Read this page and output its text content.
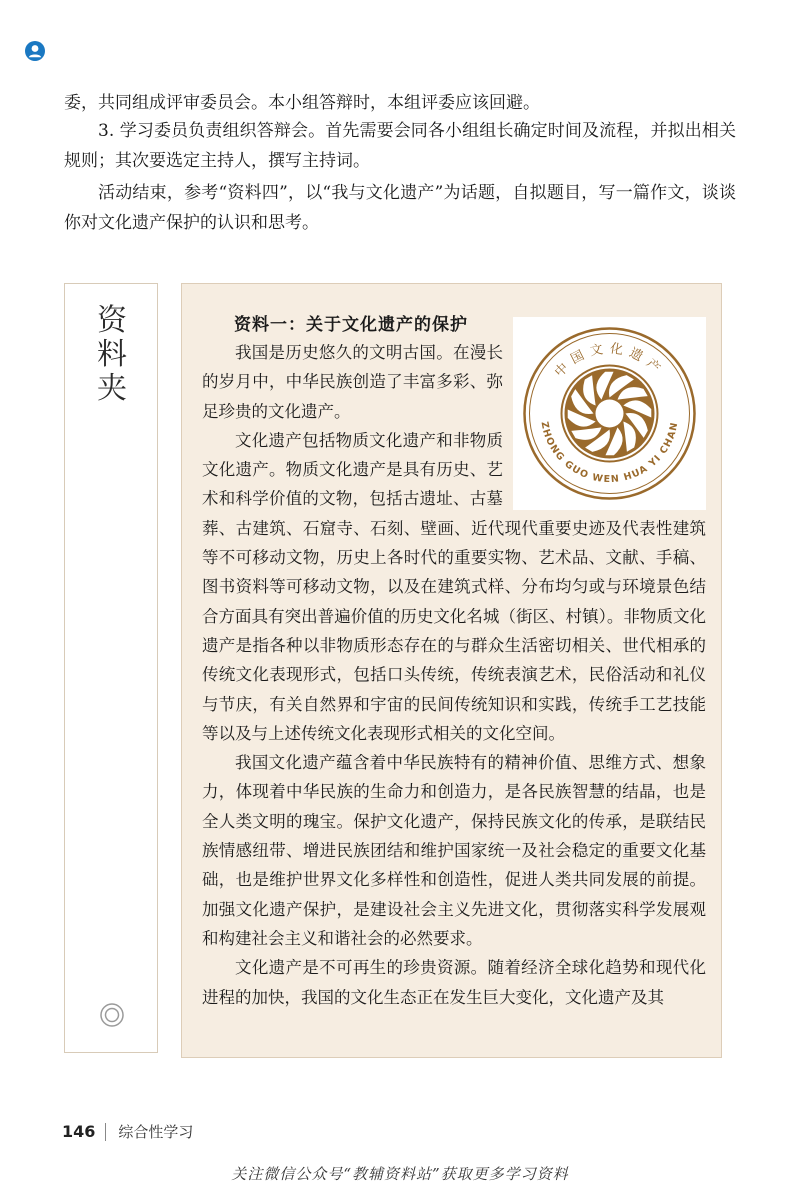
委，共同组成评审委员会。本小组答辩时，本组评委应该回避。

3. 学习委员负责组织答辩会。首先需要会同各小组组长确定时间及流程，并拟出相关规则；其次要选定主持人，撰写主持词。

活动结束，参考“资料四”，以“我与文化遗产”为话题，自拟题目，写一篇作文，谈谈你对文化遗产保护的认识和思考。

资料夹
资料一：关于文化遗产的保护
中国文化遗产
ZHONG GUO WEN HUA YI CHAN

我国是历史悠久的文明古国。在漫长的岁月中，中华民族创造了丰富多彩、弥足珍贵的文化遗产。

文化遗产包括物质文化遗产和非物质文化遗产。物质文化遗产是具有历史、艺术和科学价值的文物，包括古遗址、古墓葬、古建筑、石窟寺、石刻、壁画、近代现代重要史迹及代表性建筑等不可移动文物，历史上各时代的重要实物、艺术品、文献、手稿、图书资料等可移动文物，以及在建筑式样、分布均匀或与环境景色结合方面具有突出普遍价值的历史文化名城（街区、村镇）。非物质文化遗产是指各种以非物质形态存在的与群众生活密切相关、世代相承的传统文化表现形式，包括口头传统，传统表演艺术，民俗活动和礼仪与节庆，有关自然界和宇宙的民间传统知识和实践，传统手工艺技能等以及与上述传统文化表现形式相关的文化空间。

我国文化遗产蕴含着中华民族特有的精神价值、思维方式、想象力，体现着中华民族的生命力和创造力，是各民族智慧的结晶，也是全人类文明的瑰宝。保护文化遗产，保持民族文化的传承，是联结民族情感纽带、增进民族团结和维护国家统一及社会稳定的重要文化基础，也是维护世界文化多样性和创造性，促进人类共同发展的前提。加强文化遗产保护，是建设社会主义先进文化，贯彻落实科学发展观和构建社会主义和谐社会的必然要求。

文化遗产是不可再生的珍贵资源。随着经济全球化趋势和现代化进程的加快，我国的文化生态正在发生巨大变化，文化遗产及其

146 综合性学习
关注微信公众号“教辅资料站”获取更多学习资料
